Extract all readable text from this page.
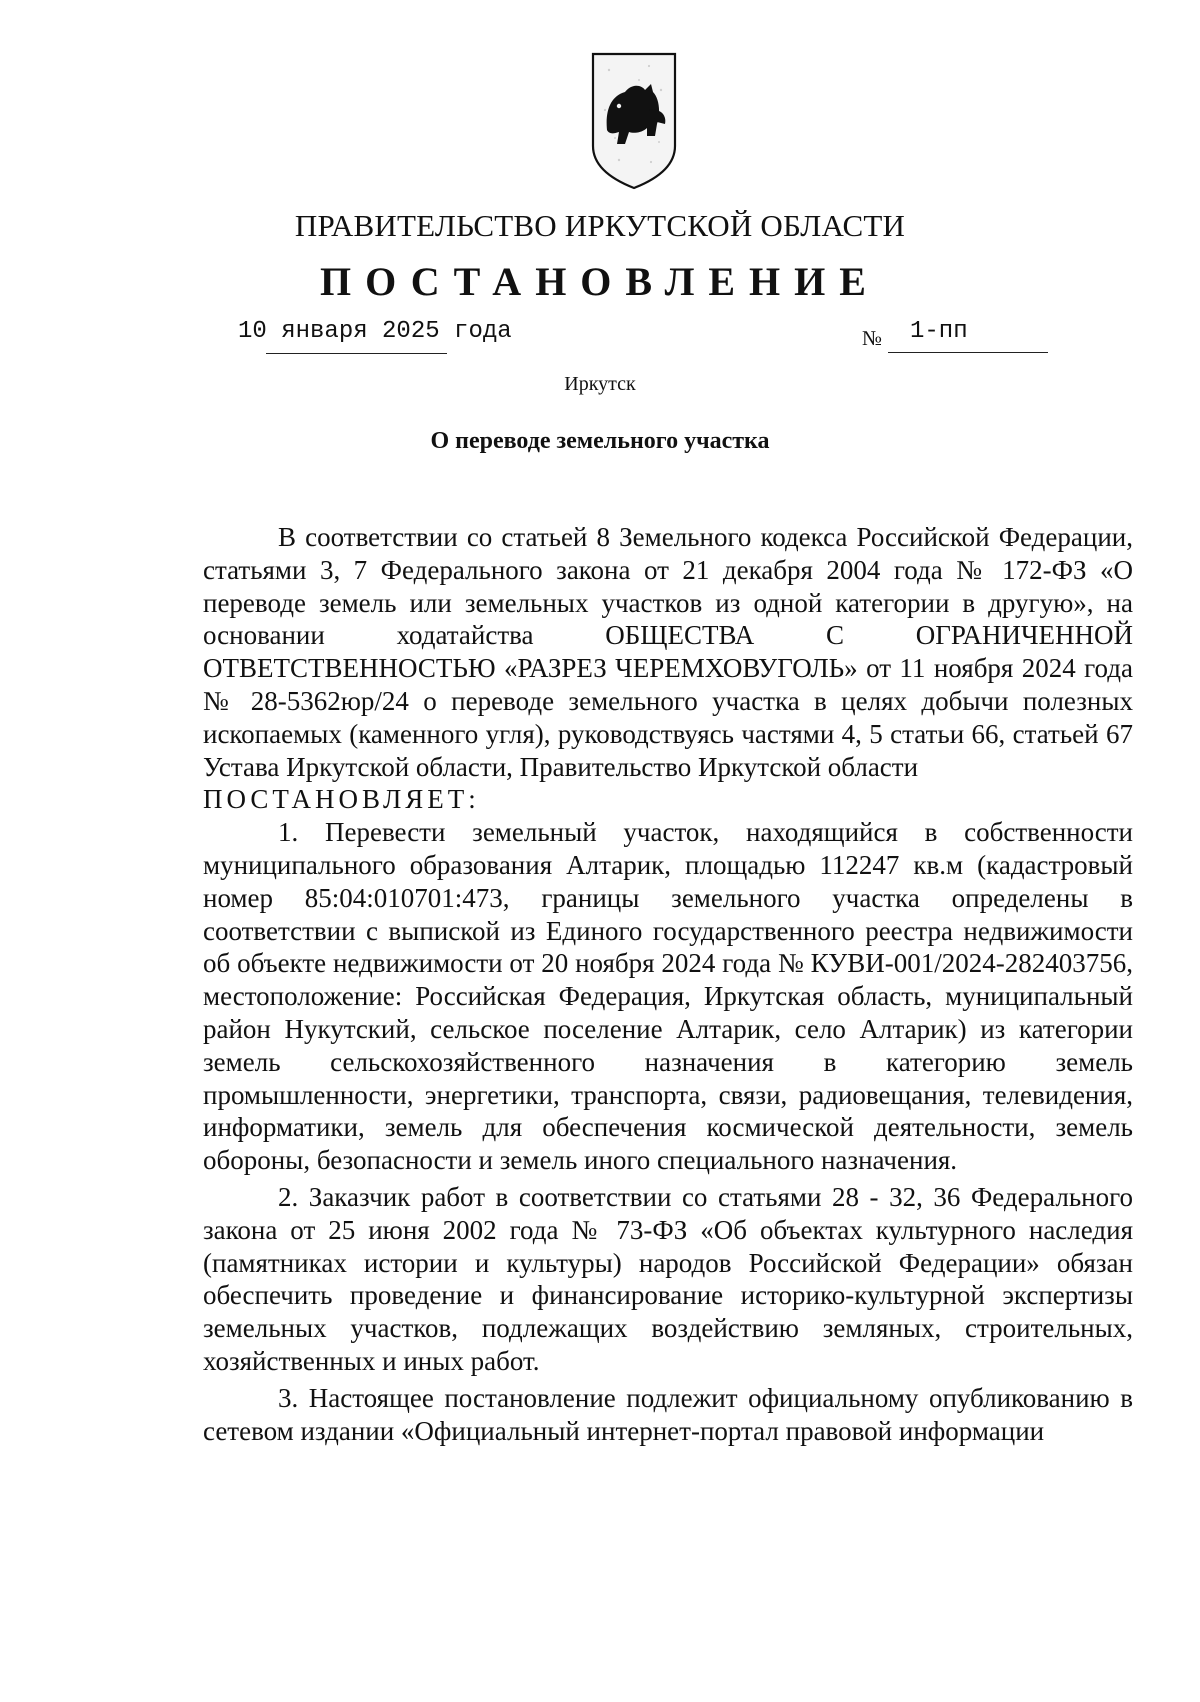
ПРАВИТЕЛЬСТВО ИРКУТСКОЙ ОБЛАСТИ
ПОСТАНОВЛЕНИЕ
10 января 2025 года	№ 1-пп
Иркутск
О переводе земельного участка

В соответствии со статьей 8 Земельного кодекса Российской Федерации, статьями 3, 7 Федерального закона от 21 декабря 2004 года № 172-ФЗ «О переводе земель или земельных участков из одной категории в другую», на основании ходатайства ОБЩЕСТВА С ОГРАНИЧЕННОЙ ОТВЕТСТВЕННОСТЬЮ «РАЗРЕЗ ЧЕРЕМХОВУГОЛЬ» от 11 ноября 2024 года № 28-5362юр/24 о переводе земельного участка в целях добычи полезных ископаемых (каменного угля), руководствуясь частями 4, 5 статьи 66, статьей 67 Устава Иркутской области, Правительство Иркутской области

ПОСТАНОВЛЯЕТ:

1. Перевести земельный участок, находящийся в собственности муниципального образования Алтарик, площадью 112247 кв.м (кадастровый номер 85:04:010701:473, границы земельного участка определены в соответствии с выпиской из Единого государственного реестра недвижимости об объекте недвижимости от 20 ноября 2024 года № КУВИ-001/2024-282403756, местоположение: Российская Федерация, Иркутская область, муниципальный район Нукутский, сельское поселение Алтарик, село Алтарик) из категории земель сельскохозяйственного назначения в категорию земель промышленности, энергетики, транспорта, связи, радиовещания, телевидения, информатики, земель для обеспечения космической деятельности, земель обороны, безопасности и земель иного специального назначения.

2. Заказчик работ в соответствии со статьями 28 - 32, 36 Федерального закона от 25 июня 2002 года № 73-ФЗ «Об объектах культурного наследия (памятниках истории и культуры) народов Российской Федерации» обязан обеспечить проведение и финансирование историко-культурной экспертизы земельных участков, подлежащих воздействию земляных, строительных, хозяйственных и иных работ.

3. Настоящее постановление подлежит официальному опубликованию в сетевом издании «Официальный интернет-портал правовой информации
